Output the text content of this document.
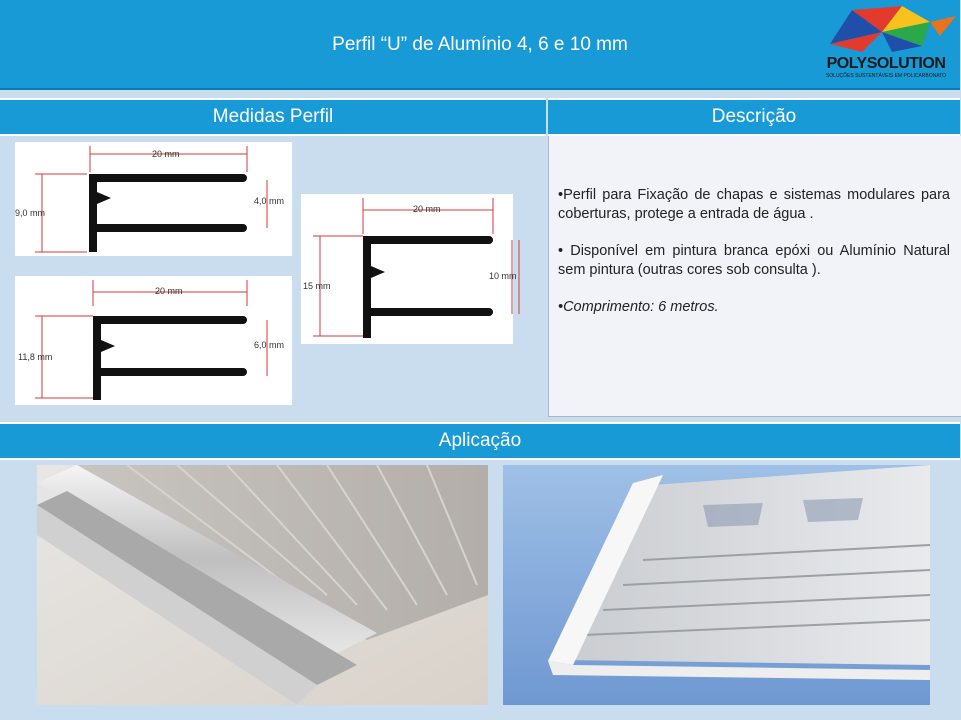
Perfil “U” de Alumínio 4, 6 e 10 mm
POLYSOLUTION
SOLUÇÕES SUSTENTÁVEIS EM POLICARBONATO
Medidas Perfil	Descrição
20 mm
9,0 mm
4,0 mm
20 mm
11,8 mm
6,0 mm
20 mm
15 mm
10 mm

•Perfil para Fixação de chapas e sistemas modulares para coberturas, protege a entrada de água .

• Disponível em pintura branca epóxi ou Alumínio Natural sem pintura (outras cores sob consulta ).

•Comprimento: 6 metros.

Aplicação
